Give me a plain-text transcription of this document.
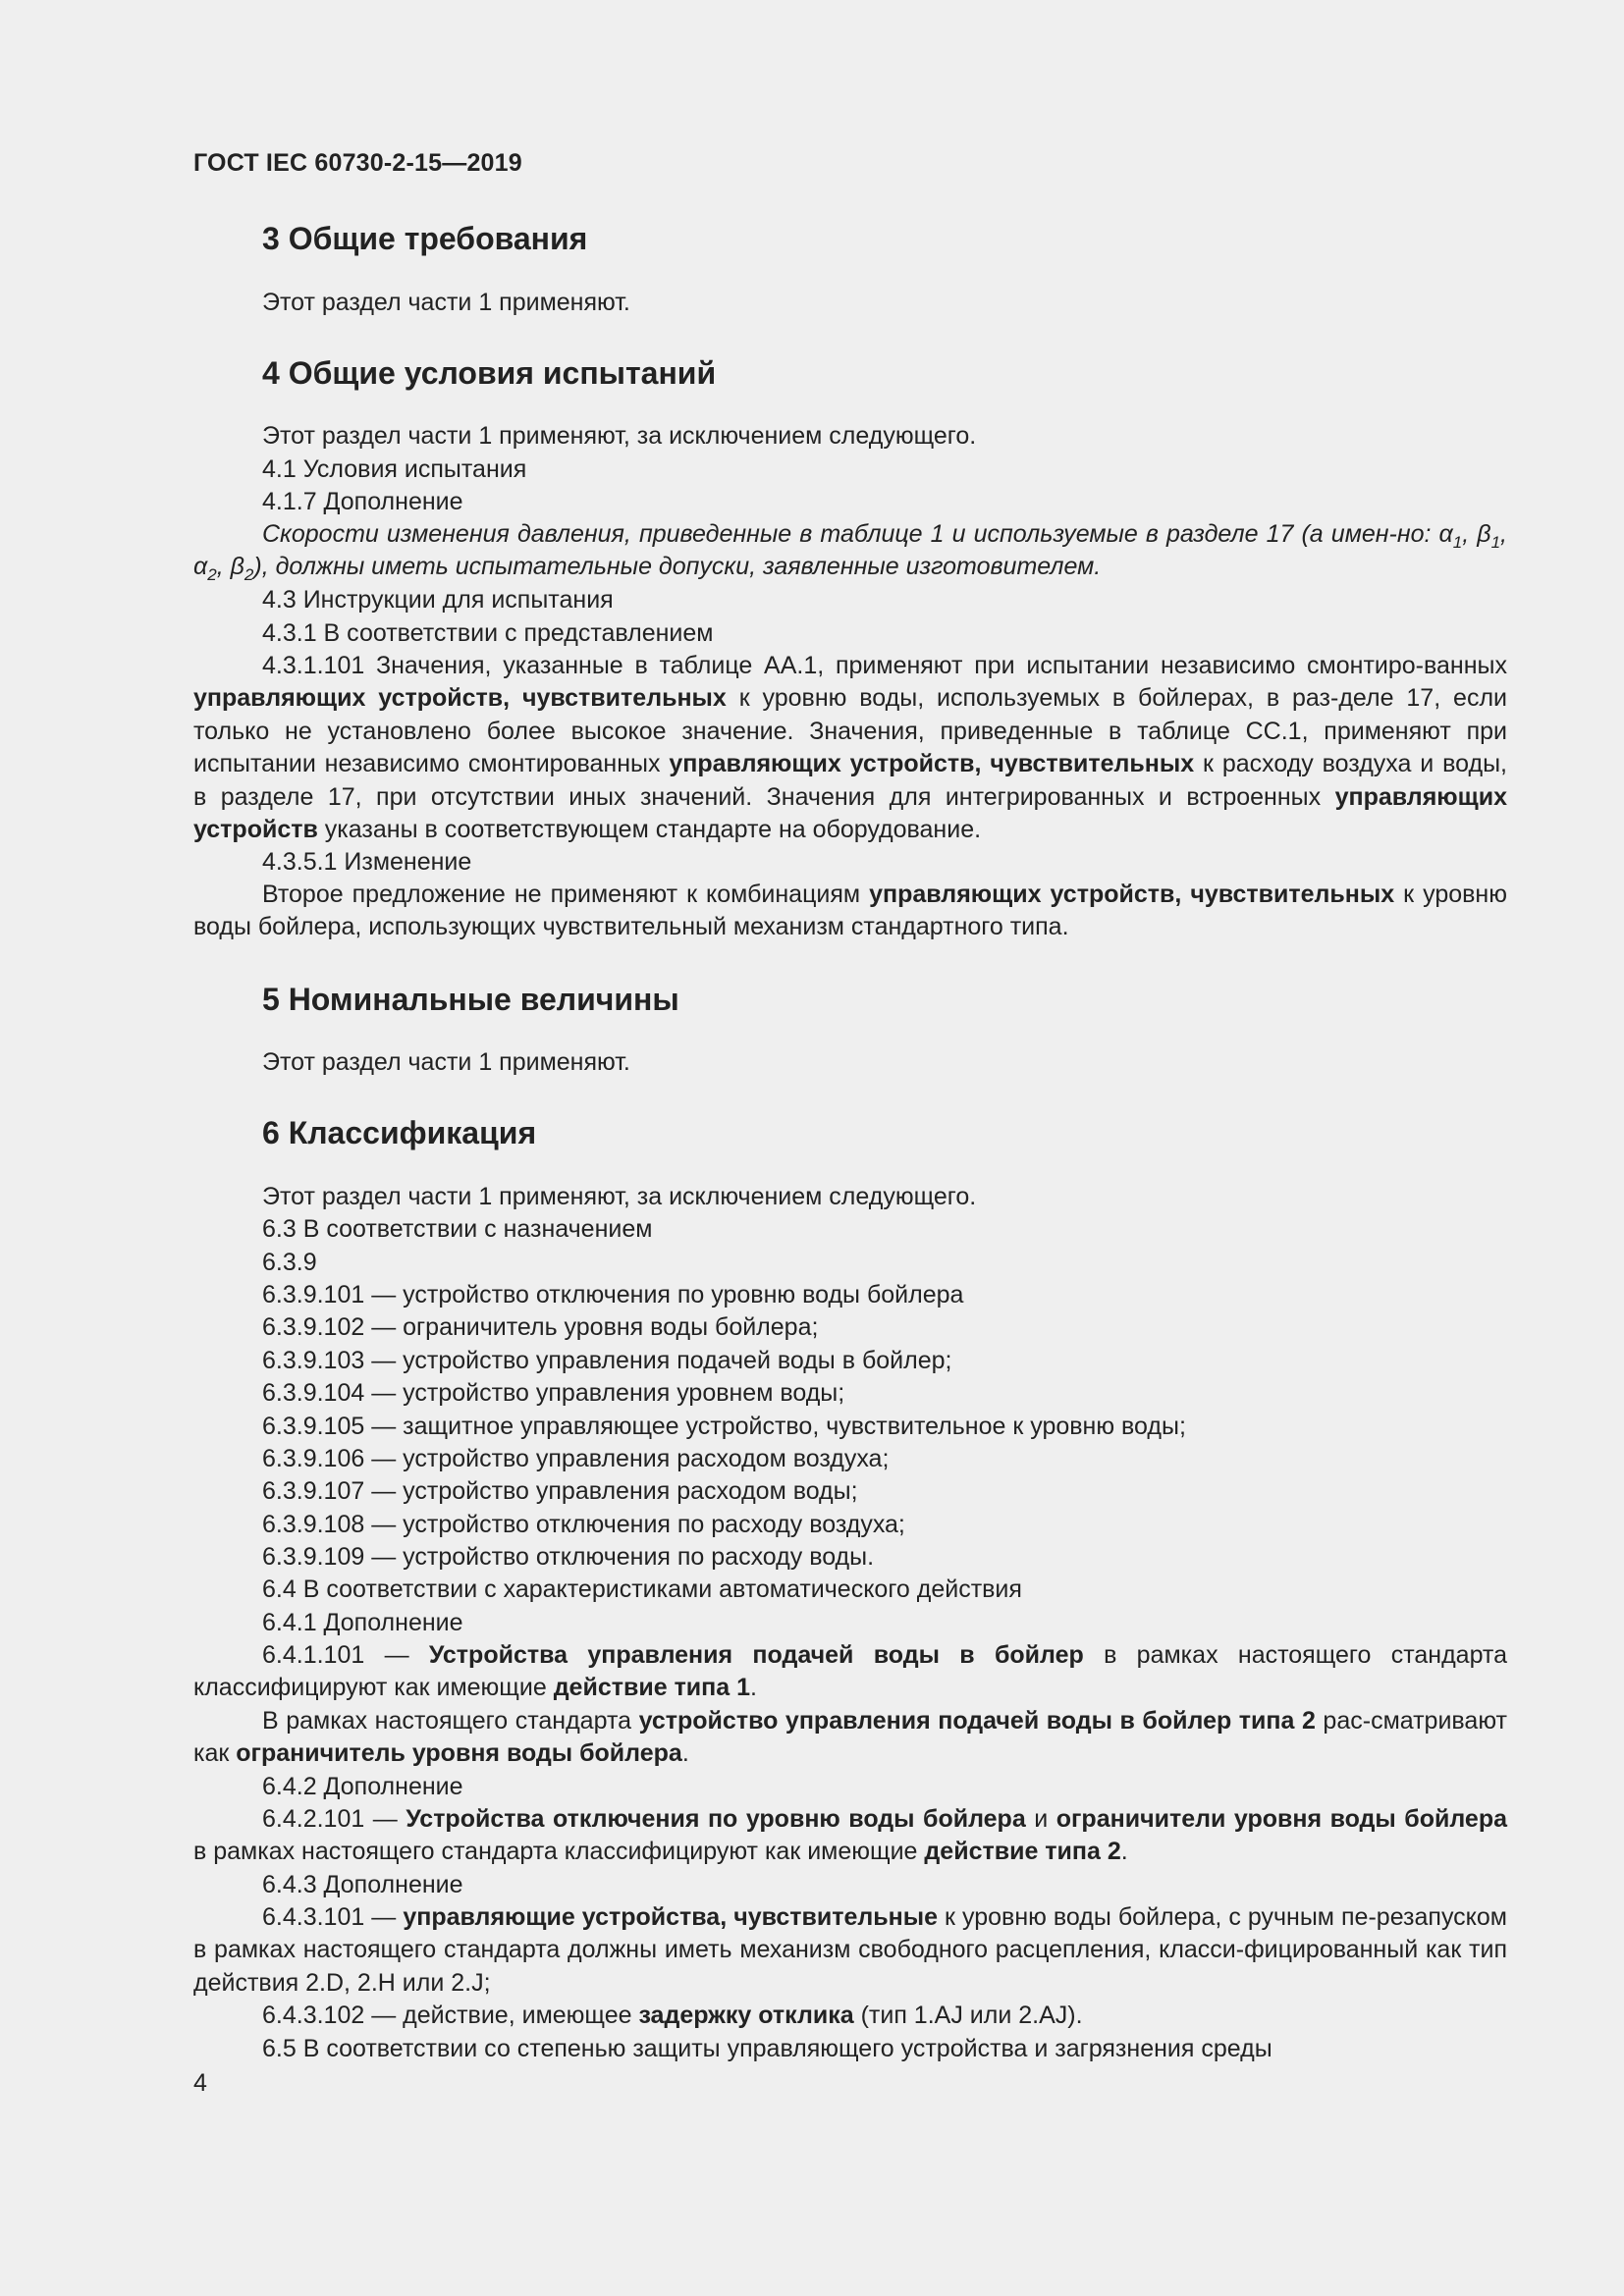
ГОСТ IEC 60730-2-15—2019
3 Общие требования
Этот раздел части 1 применяют.
4 Общие условия испытаний
Этот раздел части 1 применяют, за исключением следующего.
4.1 Условия испытания
4.1.7 Дополнение
Скорости изменения давления, приведенные в таблице 1 и используемые в разделе 17 (а имен-но: $\alpha_1$, $\beta_1$, $\alpha_2$, $\beta_2$), должны иметь испытательные допуски, заявленные изготовителем.
4.3 Инструкции для испытания
4.3.1 В соответствии с представлением
4.3.1.101 Значения, указанные в таблице АА.1, применяют при испытании независимо смонтиро-ванных управляющих устройств, чувствительных к уровню воды, используемых в бойлерах, в раз-деле 17, если только не установлено более высокое значение. Значения, приведенные в таблице СС.1, применяют при испытании независимо смонтированных управляющих устройств, чувствительных к расходу воздуха и воды, в разделе 17, при отсутствии иных значений. Значения для интегрированных и встроенных управляющих устройств указаны в соответствующем стандарте на оборудование.
4.3.5.1 Изменение
Второе предложение не применяют к комбинациям управляющих устройств, чувствительных к уровню воды бойлера, использующих чувствительный механизм стандартного типа.
5 Номинальные величины
Этот раздел части 1 применяют.
6 Классификация
Этот раздел части 1 применяют, за исключением следующего.
6.3 В соответствии с назначением
6.3.9
6.3.9.101 — устройство отключения по уровню воды бойлера
6.3.9.102 — ограничитель уровня воды бойлера;
6.3.9.103 — устройство управления подачей воды в бойлер;
6.3.9.104 — устройство управления уровнем воды;
6.3.9.105 — защитное управляющее устройство, чувствительное к уровню воды;
6.3.9.106 — устройство управления расходом воздуха;
6.3.9.107 — устройство управления расходом воды;
6.3.9.108 — устройство отключения по расходу воздуха;
6.3.9.109 — устройство отключения по расходу воды.
6.4 В соответствии с характеристиками автоматического действия
6.4.1 Дополнение
6.4.1.101 — Устройства управления подачей воды в бойлер в рамках настоящего стандарта классифицируют как имеющие действие типа 1.
В рамках настоящего стандарта устройство управления подачей воды в бойлер типа 2 рас-сматривают как ограничитель уровня воды бойлера.
6.4.2 Дополнение
6.4.2.101 — Устройства отключения по уровню воды бойлера и ограничители уровня воды бойлера в рамках настоящего стандарта классифицируют как имеющие действие типа 2.
6.4.3 Дополнение
6.4.3.101 — управляющие устройства, чувствительные к уровню воды бойлера, с ручным пе-резапуском в рамках настоящего стандарта должны иметь механизм свободного расцепления, класси-фицированный как тип действия 2.D, 2.H или 2.J;
6.4.3.102 — действие, имеющее задержку отклика (тип 1.AJ или 2.AJ).
6.5 В соответствии со степенью защиты управляющего устройства и загрязнения среды
4
